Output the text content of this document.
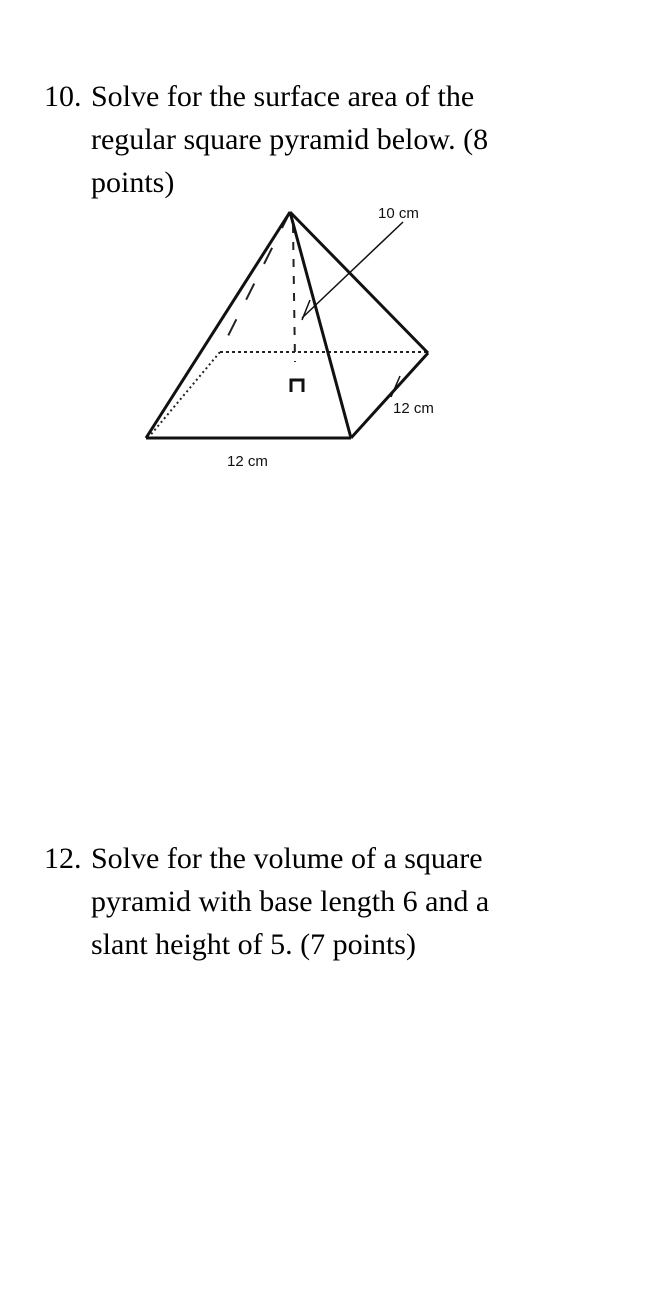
10. Solve for the surface area of the
regular square pyramid below. (8
points)
10 cm
12 cm
12 cm
12. Solve for the volume of a square
pyramid with base length 6 and a
slant height of 5. (7 points)
